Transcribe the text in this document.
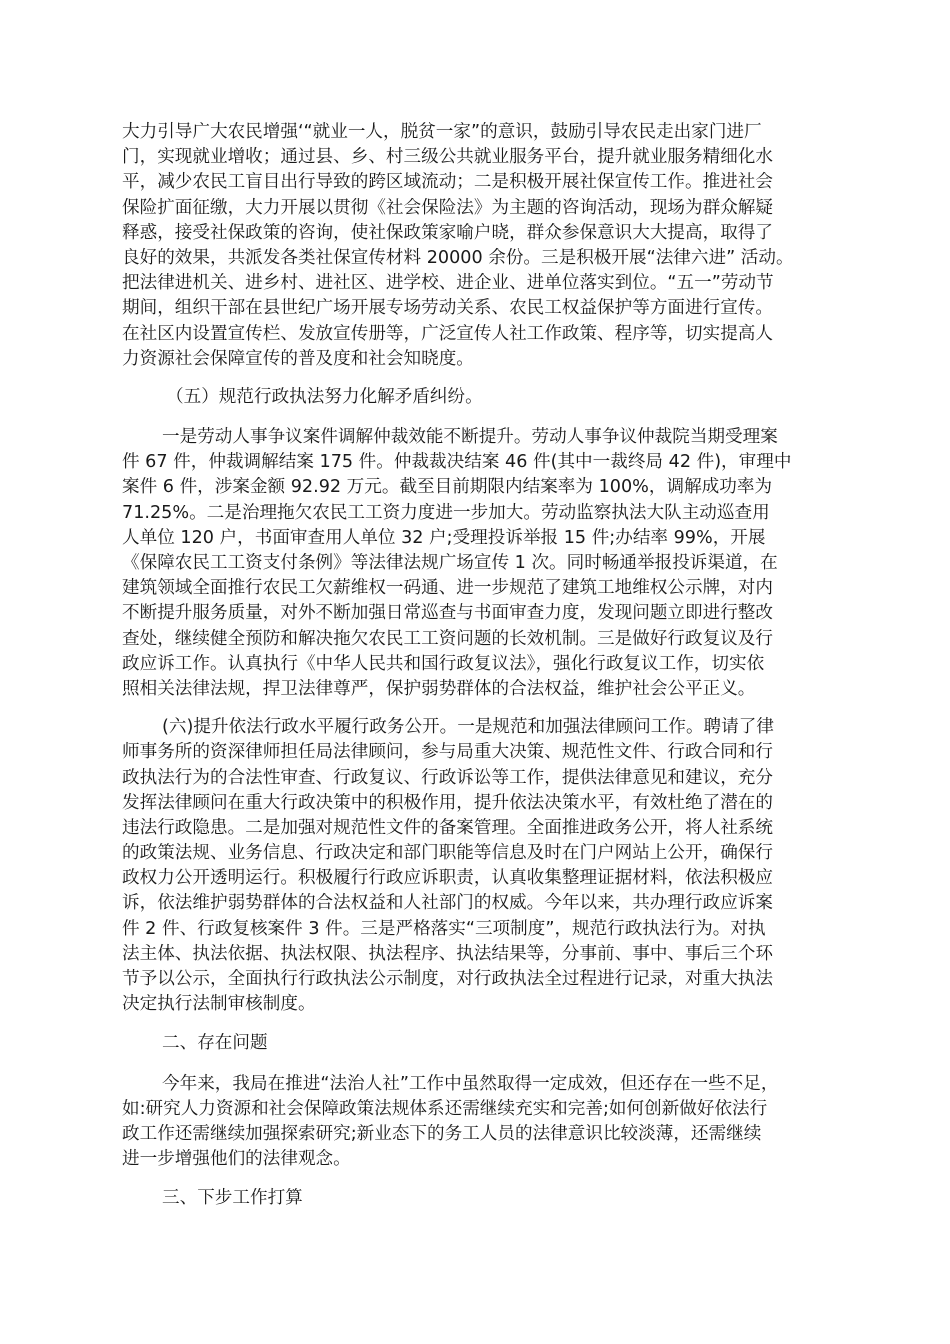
大力引导广大农民增强‘“就业一人，脱贫一家”的意识，鼓励引导农民走出家门进厂
门，实现就业增收；通过县、乡、村三级公共就业服务平台，提升就业服务精细化水
平，减少农民工盲目出行导致的跨区域流动；二是积极开展社保宣传工作。推进社会
保险扩面征缴，大力开展以贯彻《社会保险法》为主题的咨询活动，现场为群众解疑
释惑，接受社保政策的咨询，使社保政策家喻户晓，群众参保意识大大提高，取得了
良好的效果，共派发各类社保宣传材料 20000 余份。三是积极开展“法律六进” 活动。
把法律进机关、进乡村、进社区、进学校、进企业、进单位落实到位。“五一”劳动节
期间，组织干部在县世纪广场开展专场劳动关系、农民工权益保护等方面进行宣传。
在社区内设置宣传栏、发放宣传册等，广泛宣传人社工作政策、程序等，切实提高人
力资源社会保障宣传的普及度和社会知晓度。
（五）规范行政执法努力化解矛盾纠纷。
一是劳动人事争议案件调解仲裁效能不断提升。劳动人事争议仲裁院当期受理案
件 67 件，仲裁调解结案 175 件。仲裁裁决结案 46 件(其中一裁终局 42 件)，审理中
案件 6 件，涉案金额 92.92 万元。截至目前期限内结案率为 100%，调解成功率为
71.25%。二是治理拖欠农民工工资力度进一步加大。劳动监察执法大队主动巡查用
人单位 120 户，书面审查用人单位 32 户;受理投诉举报 15 件;办结率 99%，开展
《保障农民工工资支付条例》等法律法规广场宣传 1 次。同时畅通举报投诉渠道，在
建筑领域全面推行农民工欠薪维权一码通、进一步规范了建筑工地维权公示牌，对内
不断提升服务质量，对外不断加强日常巡查与书面审查力度，发现问题立即进行整改
查处，继续健全预防和解决拖欠农民工工资问题的长效机制。三是做好行政复议及行
政应诉工作。认真执行《中华人民共和国行政复议法》，强化行政复议工作，切实依
照相关法律法规，捍卫法律尊严，保护弱势群体的合法权益，维护社会公平正义。
(六)提升依法行政水平履行政务公开。一是规范和加强法律顾问工作。聘请了律
师事务所的资深律师担任局法律顾问，参与局重大决策、规范性文件、行政合同和行
政执法行为的合法性审查、行政复议、行政诉讼等工作，提供法律意见和建议，充分
发挥法律顾问在重大行政决策中的积极作用，提升依法决策水平，有效杜绝了潜在的
违法行政隐患。二是加强对规范性文件的备案管理。全面推进政务公开，将人社系统
的政策法规、业务信息、行政决定和部门职能等信息及时在门户网站上公开，确保行
政权力公开透明运行。积极履行行政应诉职责，认真收集整理证据材料，依法积极应
诉，依法维护弱势群体的合法权益和人社部门的权威。今年以来，共办理行政应诉案
件 2 件、行政复核案件 3 件。三是严格落实“三项制度”，规范行政执法行为。对执
法主体、执法依据、执法权限、执法程序、执法结果等，分事前、事中、事后三个环
节予以公示，全面执行行政执法公示制度，对行政执法全过程进行记录，对重大执法
决定执行法制审核制度。
二、存在问题
今年来，我局在推进“法治人社”工作中虽然取得一定成效，但还存在一些不足，
如:研究人力资源和社会保障政策法规体系还需继续充实和完善;如何创新做好依法行
政工作还需继续加强探索研究;新业态下的务工人员的法律意识比较淡薄，还需继续
进一步增强他们的法律观念。
三、下步工作打算
